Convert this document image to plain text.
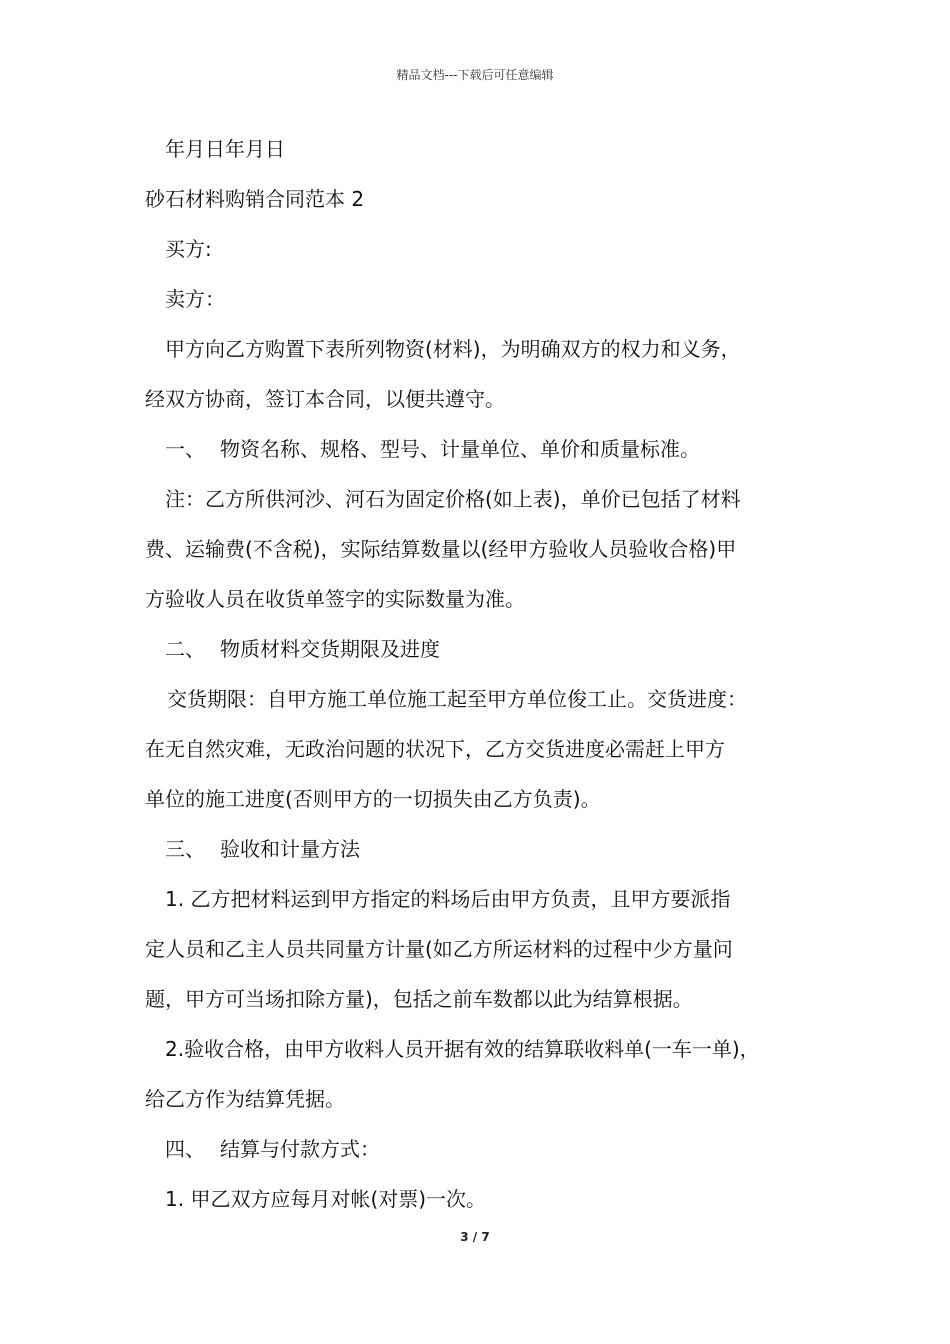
精品文档---下载后可任意编辑
年月日年月日
砂石材料购销合同范本 2
买方:
卖方：
甲方向乙方购置下表所列物资(材料)，为明确双方的权力和义务，
经双方协商，签订本合同，以便共遵守。
一、 物资名称、规格、型号、计量单位、单价和质量标准。
注：乙方所供河沙、河石为固定价格(如上表)，单价已包括了材料
费、运输费(不含税)，实际结算数量以(经甲方验收人员验收合格)甲
方验收人员在收货单签字的实际数量为准。
二、 物质材料交货期限及进度
交货期限：自甲方施工单位施工起至甲方单位俊工止。交货进度：
在无自然灾难，无政治问题的状况下，乙方交货进度必需赶上甲方
单位的施工进度(否则甲方的一切损失由乙方负责)。
三、 验收和计量方法
1. 乙方把材料运到甲方指定的料场后由甲方负责，且甲方要派指
定人员和乙主人员共同量方计量(如乙方所运材料的过程中少方量问
题，甲方可当场扣除方量)，包括之前车数都以此为结算根据。
2.验收合格，由甲方收料人员开据有效的结算联收料单(一车一单)，
给乙方作为结算凭据。
四、 结算与付款方式：
1. 甲乙双方应每月对帐(对票)一次。
3 / 7
